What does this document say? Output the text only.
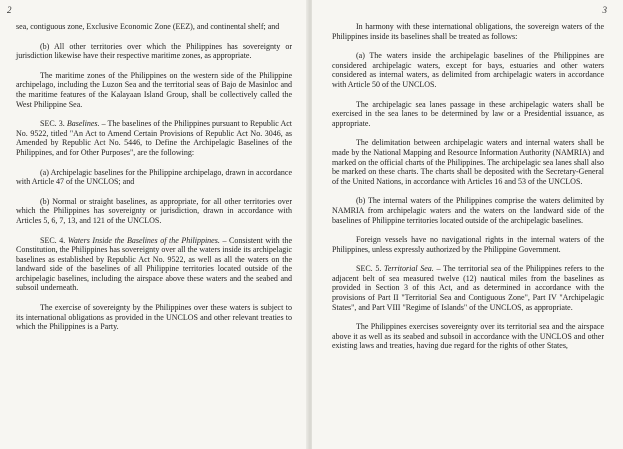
2

sea, contiguous zone, Exclusive Economic Zone (EEZ), and continental shelf; and

(b) All other territories over which the Philippines has sovereignty or jurisdiction likewise have their respective maritime zones, as appropriate.

The maritime zones of the Philippines on the western side of the Philippine archipelago, including the Luzon Sea and the territorial seas of Bajo de Masinloc and the maritime features of the Kalayaan Island Group, shall be collectively called the West Philippine Sea.

SEC. 3. Baselines. – The baselines of the Philippines pursuant to Republic Act No. 9522, titled "An Act to Amend Certain Provisions of Republic Act No. 3046, as Amended by Republic Act No. 5446, to Define the Archipelagic Baselines of the Philippines, and for Other Purposes", are the following:

(a) Archipelagic baselines for the Philippine archipelago, drawn in accordance with Article 47 of the UNCLOS; and

(b) Normal or straight baselines, as appropriate, for all other territories over which the Philippines has sovereignty or jurisdiction, drawn in accordance with Articles 5, 6, 7, 13, and 121 of the UNCLOS.

SEC. 4. Waters Inside the Baselines of the Philippines. – Consistent with the Constitution, the Philippines has sovereignty over all the waters inside its archipelagic baselines as established by Republic Act No. 9522, as well as all the waters on the landward side of the baselines of all Philippine territories located outside of the archipelagic baselines, including the airspace above these waters and the seabed and subsoil underneath.

The exercise of sovereignty by the Philippines over these waters is subject to its international obligations as provided in the UNCLOS and other relevant treaties to which the Philippines is a Party.

3

In harmony with these international obligations, the sovereign waters of the Philippines inside its baselines shall be treated as follows:

(a) The waters inside the archipelagic baselines of the Philippines are considered archipelagic waters, except for bays, estuaries and other waters considered as internal waters, as delimited from archipelagic waters in accordance with Article 50 of the UNCLOS.

The archipelagic sea lanes passage in these archipelagic waters shall be exercised in the sea lanes to be determined by law or a Presidential issuance, as appropriate.

The delimitation between archipelagic waters and internal waters shall be made by the National Mapping and Resource Information Authority (NAMRIA) and marked on the official charts of the Philippines. The archipelagic sea lanes shall also be marked on these charts. The charts shall be deposited with the Secretary-General of the United Nations, in accordance with Articles 16 and 53 of the UNCLOS.

(b) The internal waters of the Philippines comprise the waters delimited by NAMRIA from archipelagic waters and the waters on the landward side of the baselines of Philippine territories located outside of the archipelagic baselines.

Foreign vessels have no navigational rights in the internal waters of the Philippines, unless expressly authorized by the Philippine Government.

SEC. 5. Territorial Sea. – The territorial sea of the Philippines refers to the adjacent belt of sea measured twelve (12) nautical miles from the baselines as provided in Section 3 of this Act, and as determined in accordance with the provisions of Part II "Territorial Sea and Contiguous Zone", Part IV "Archipelagic States", and Part VIII "Regime of Islands" of the UNCLOS, as appropriate.

The Philippines exercises sovereignty over its territorial sea and the airspace above it as well as its seabed and subsoil in accordance with the UNCLOS and other existing laws and treaties, having due regard for the rights of other States,
